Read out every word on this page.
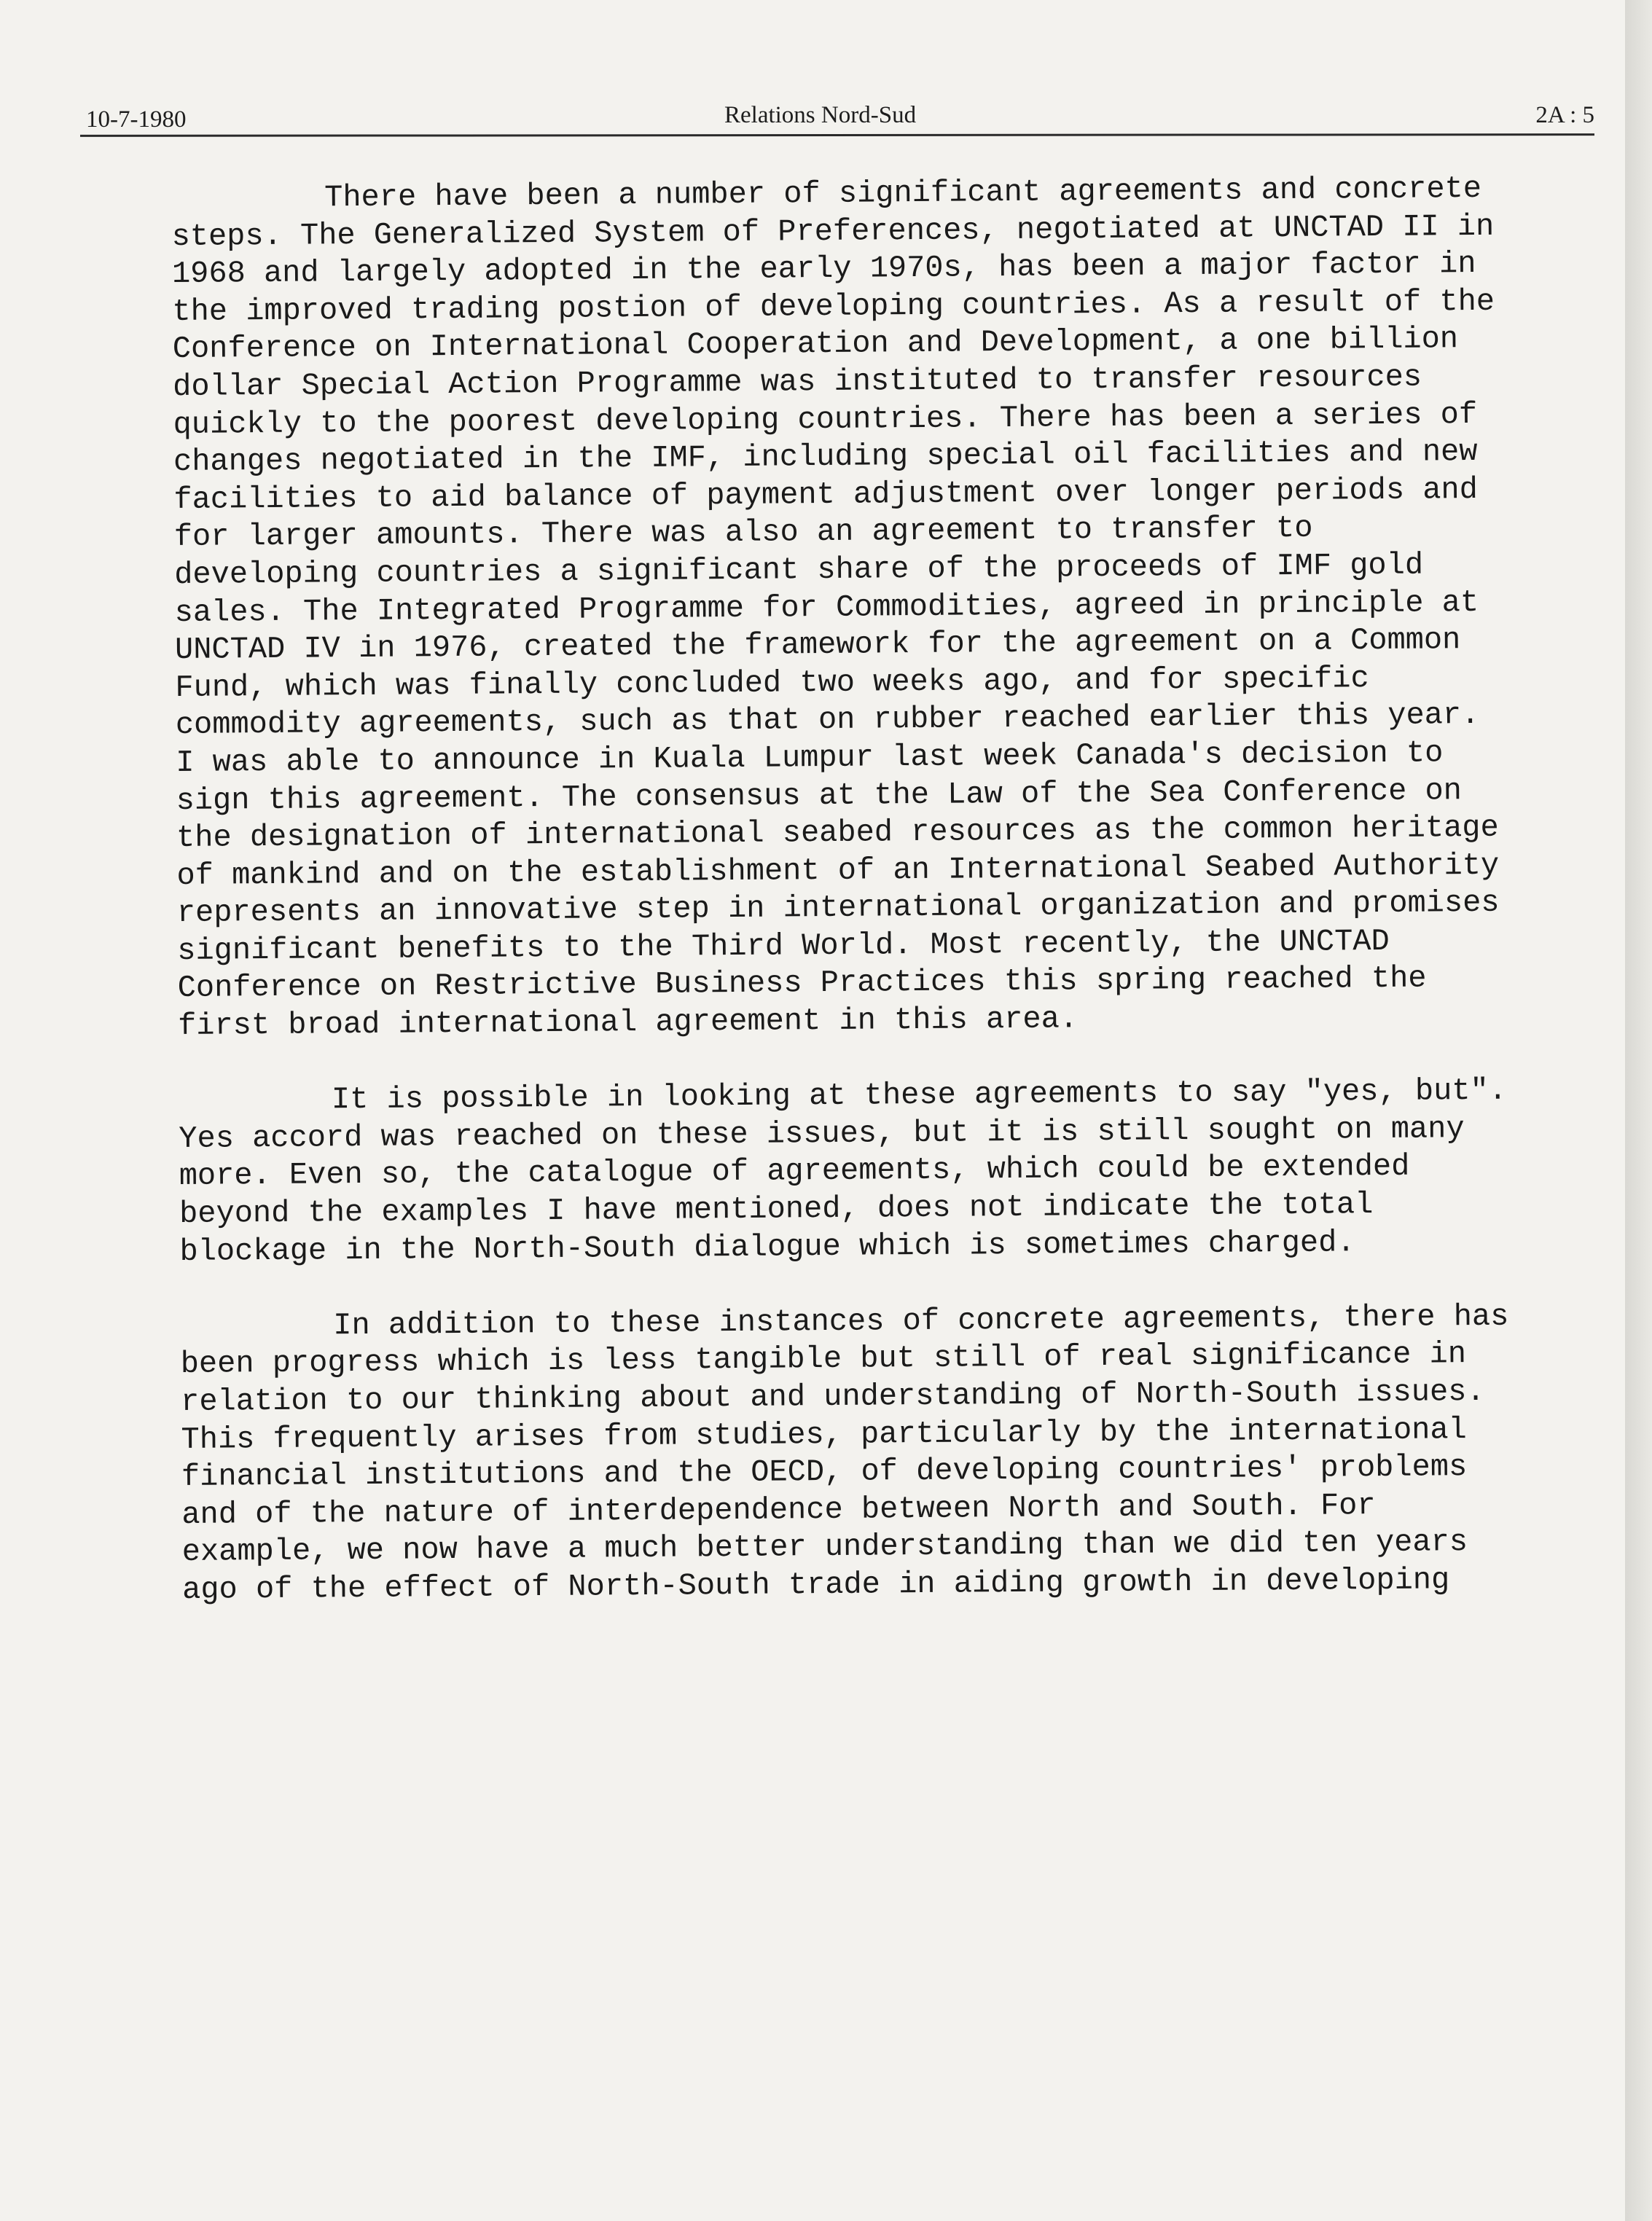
10-7-1980	Relations Nord-Sud	2A : 5

There have been a number of significant agreements and concrete steps. The Generalized System of Preferences, negotiated at UNCTAD II in 1968 and largely adopted in the early 1970s, has been a major factor in the improved trading postion of developing countries. As a result of the Conference on International Cooperation and Development, a one billion dollar Special Action Programme was instituted to transfer resources quickly to the poorest developing countries. There has been a series of changes negotiated in the IMF, including special oil facilities and new facilities to aid balance of payment adjustment over longer periods and for larger amounts. There was also an agreement to transfer to developing countries a significant share of the proceeds of IMF gold sales. The Integrated Programme for Commodities, agreed in principle at UNCTAD IV in 1976, created the framework for the agreement on a Common Fund, which was finally concluded two weeks ago, and for specific commodity agreements, such as that on rubber reached earlier this year. I was able to announce in Kuala Lumpur last week Canada's decision to sign this agreement. The consensus at the Law of the Sea Conference on the designation of international seabed resources as the common heritage of mankind and on the establishment of an International Seabed Authority represents an innovative step in international organization and promises significant benefits to the Third World. Most recently, the UNCTAD Conference on Restrictive Business Practices this spring reached the first broad international agreement in this area.

It is possible in looking at these agreements to say "yes, but". Yes accord was reached on these issues, but it is still sought on many more. Even so, the catalogue of agreements, which could be extended beyond the examples I have mentioned, does not indicate the total blockage in the North-South dialogue which is sometimes charged.

In addition to these instances of concrete agreements, there has been progress which is less tangible but still of real significance in relation to our thinking about and understanding of North-South issues. This frequently arises from studies, particularly by the international financial institutions and the OECD, of developing countries' problems and of the nature of interdependence between North and South. For example, we now have a much better understanding than we did ten years ago of the effect of North-South trade in aiding growth in developing
